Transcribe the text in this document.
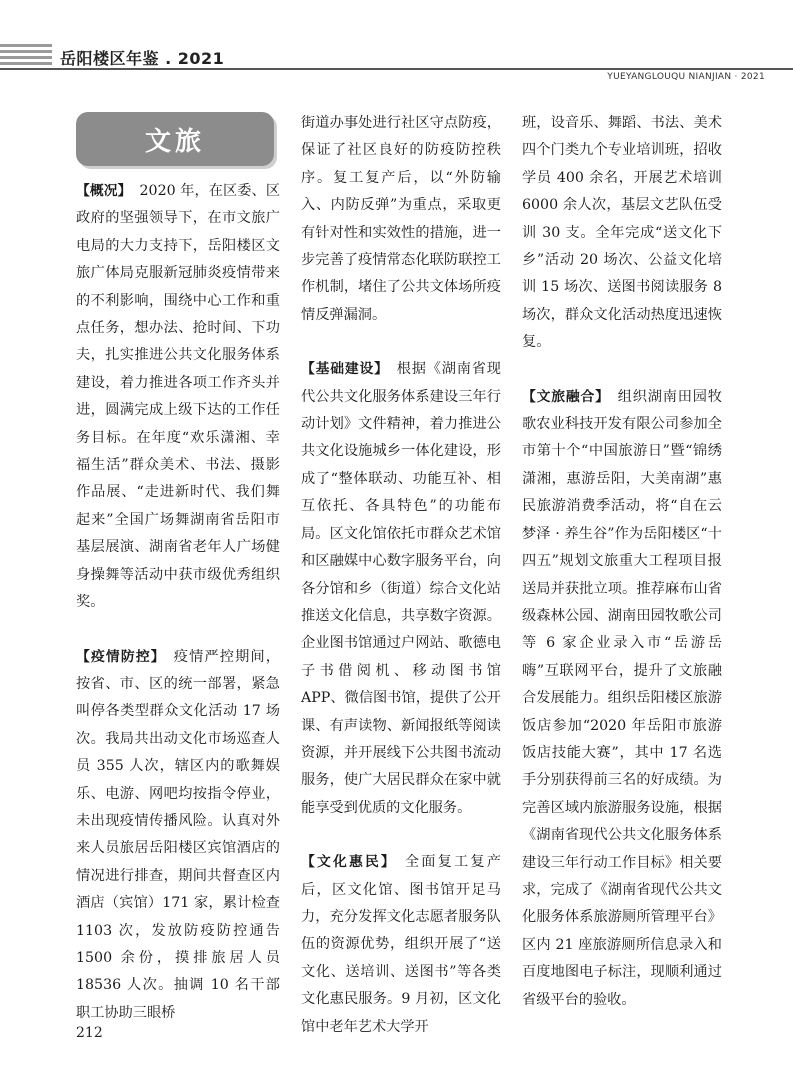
岳阳楼区年鉴 . 2021
YUEYANGLOUQU NIANJIAN · 2021
文旅

【概况】 2020 年，在区委、区政府的坚强领导下，在市文旅广电局的大力支持下，岳阳楼区文旅广体局克服新冠肺炎疫情带来的不利影响，围绕中心工作和重点任务，想办法、抢时间、下功夫，扎实推进公共文化服务体系建设，着力推进各项工作齐头并进，圆满完成上级下达的工作任务目标。在年度“欢乐潇湘、幸福生活”群众美术、书法、摄影作品展、“走进新时代、我们舞起来”全国广场舞湖南省岳阳市基层展演、湖南省老年人广场健身操舞等活动中获市级优秀组织奖。

【疫情防控】 疫情严控期间，按省、市、区的统一部署，紧急叫停各类型群众文化活动 17 场次。我局共出动文化市场巡查人员 355 人次，辖区内的歌舞娱乐、电游、网吧均按指令停业，未出现疫情传播风险。认真对外来人员旅居岳阳楼区宾馆酒店的情况进行排查，期间共督查区内酒店（宾馆）171 家，累计检查 1103 次，发放防疫防控通告 1500 余份，摸排旅居人员 18536 人次。抽调 10 名干部职工协助三眼桥

街道办事处进行社区守点防疫，保证了社区良好的防疫防控秩序。复工复产后，以“外防输入、内防反弹”为重点，采取更有针对性和实效性的措施，进一步完善了疫情常态化联防联控工作机制，堵住了公共文体场所疫情反弹漏洞。

【基础建设】 根据《湖南省现代公共文化服务体系建设三年行动计划》文件精神，着力推进公共文化设施城乡一体化建设，形成了“整体联动、功能互补、相互依托、各具特色”的功能布局。区文化馆依托市群众艺术馆和区融媒中心数字服务平台，向各分馆和乡（街道）综合文化站推送文化信息，共享数字资源。企业图书馆通过户网站、歌德电子书借阅机、移动图书馆 APP、微信图书馆，提供了公开课、有声读物、新闻报纸等阅读资源，并开展线下公共图书流动服务，使广大居民群众在家中就能享受到优质的文化服务。

【文化惠民】 全面复工复产后，区文化馆、图书馆开足马力，充分发挥文化志愿者服务队伍的资源优势，组织开展了“送文化、送培训、送图书”等各类文化惠民服务。9 月初，区文化馆中老年艺术大学开

班，设音乐、舞蹈、书法、美术四个门类九个专业培训班，招收学员 400 余名，开展艺术培训 6000 余人次，基层文艺队伍受训 30 支。全年完成“送文化下乡”活动 20 场次、公益文化培训 15 场次、送图书阅读服务 8 场次，群众文化活动热度迅速恢复。

【文旅融合】 组织湖南田园牧歌农业科技开发有限公司参加全市第十个“中国旅游日”暨“锦绣潇湘，惠游岳阳，大美南湖”惠民旅游消费季活动，将“自在云梦泽 · 养生谷”作为岳阳楼区“十四五”规划文旅重大工程项目报送局并获批立项。推荐麻布山省级森林公园、湖南田园牧歌公司等 6 家企业录入市“岳游岳嗨”互联网平台，提升了文旅融合发展能力。组织岳阳楼区旅游饭店参加“2020 年岳阳市旅游饭店技能大赛”，其中 17 名选手分别获得前三名的好成绩。为完善区域内旅游服务设施，根据《湖南省现代公共文化服务体系建设三年行动工作目标》相关要求，完成了《湖南省现代公共文化服务体系旅游厕所管理平台》区内 21 座旅游厕所信息录入和百度地图电子标注，现顺利通过省级平台的验收。

212
